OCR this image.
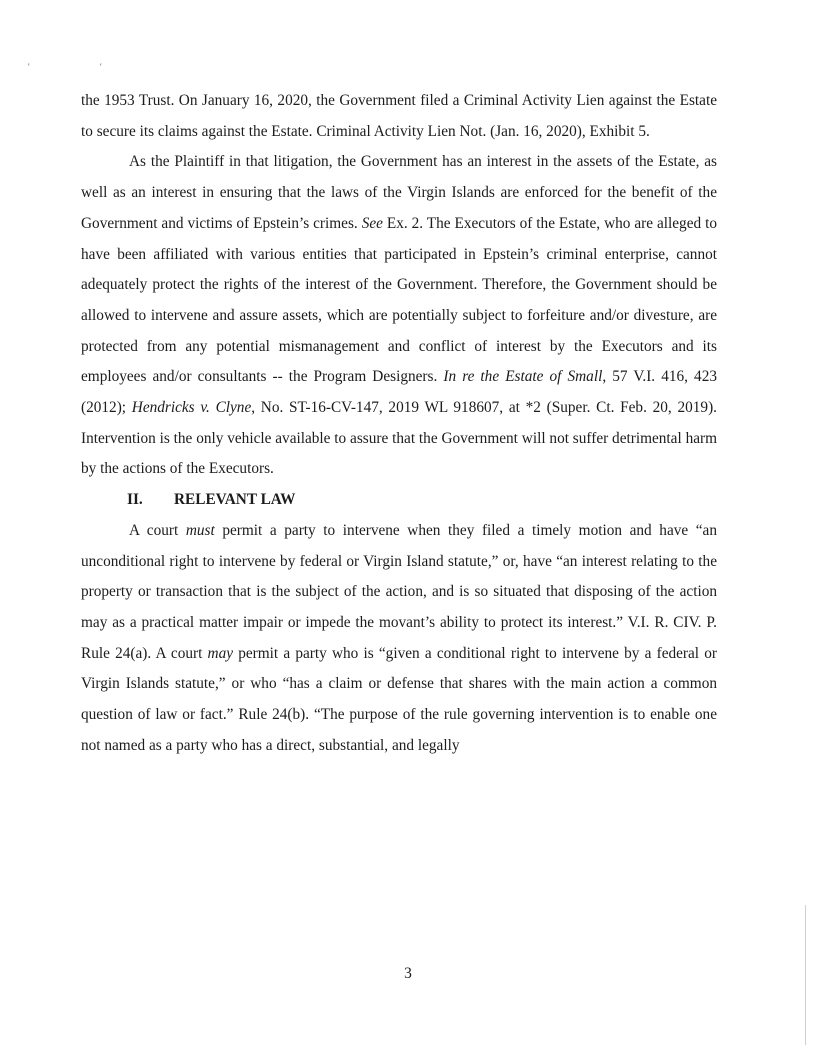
' ′

the 1953 Trust. On January 16, 2020, the Government filed a Criminal Activity Lien against the Estate to secure its claims against the Estate. Criminal Activity Lien Not. (Jan. 16, 2020), Exhibit 5.

As the Plaintiff in that litigation, the Government has an interest in the assets of the Estate, as well as an interest in ensuring that the laws of the Virgin Islands are enforced for the benefit of the Government and victims of Epstein’s crimes. See Ex. 2. The Executors of the Estate, who are alleged to have been affiliated with various entities that participated in Epstein’s criminal enterprise, cannot adequately protect the rights of the interest of the Government. Therefore, the Government should be allowed to intervene and assure assets, which are potentially subject to forfeiture and/or divesture, are protected from any potential mismanagement and conflict of interest by the Executors and its employees and/or consultants -- the Program Designers. In re the Estate of Small, 57 V.I. 416, 423 (2012); Hendricks v. Clyne, No. ST-16-CV-147, 2019 WL 918607, at *2 (Super. Ct. Feb. 20, 2019). Intervention is the only vehicle available to assure that the Government will not suffer detrimental harm by the actions of the Executors.

II. RELEVANT LAW

A court must permit a party to intervene when they filed a timely motion and have “an unconditional right to intervene by federal or Virgin Island statute,” or, have “an interest relating to the property or transaction that is the subject of the action, and is so situated that disposing of the action may as a practical matter impair or impede the movant’s ability to protect its interest.” V.I. R. CIV. P. Rule 24(a). A court may permit a party who is “given a conditional right to intervene by a federal or Virgin Islands statute,” or who “has a claim or defense that shares with the main action a common question of law or fact.” Rule 24(b). “The purpose of the rule governing intervention is to enable one not named as a party who has a direct, substantial, and legally

3
